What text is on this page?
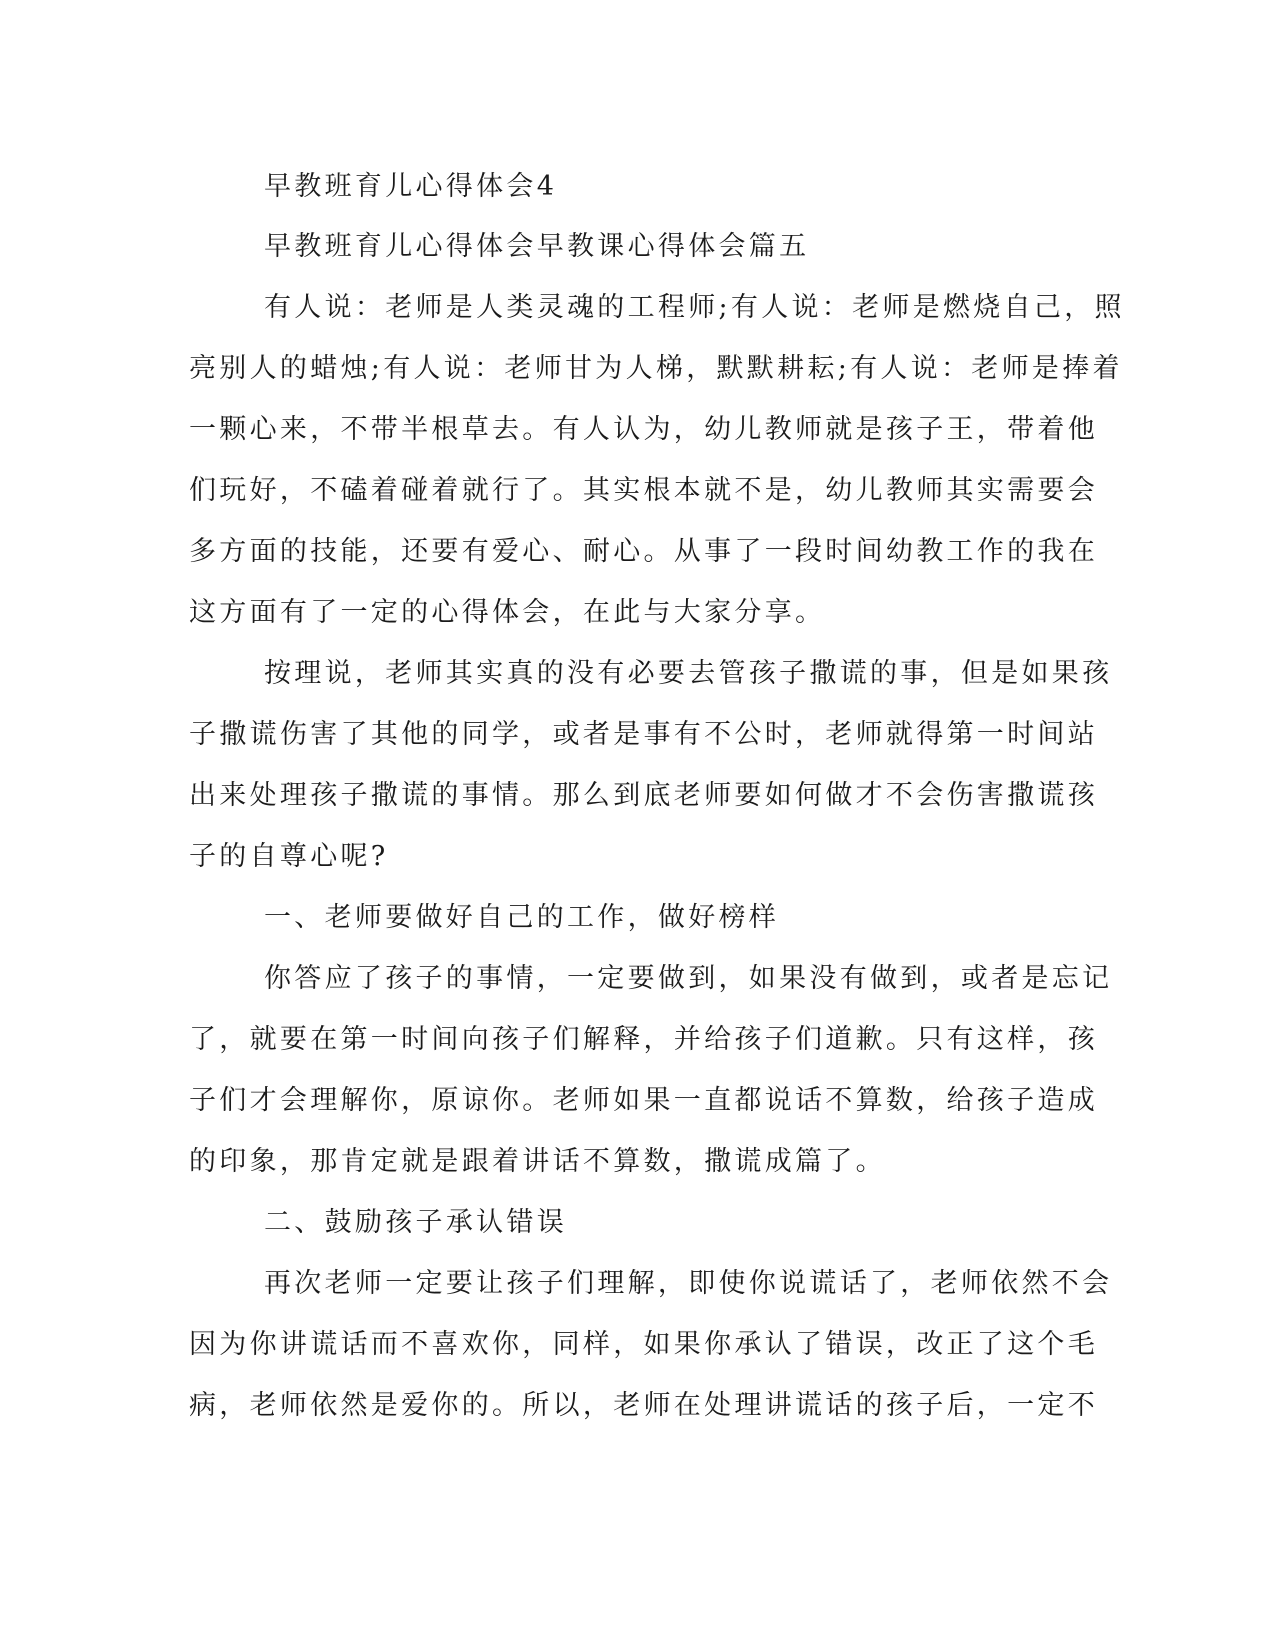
早教班育儿心得体会4

早教班育儿心得体会早教课心得体会篇五

有人说：老师是人类灵魂的工程师;有人说：老师是燃烧自己，照

亮别人的蜡烛;有人说：老师甘为人梯，默默耕耘;有人说：老师是捧着

一颗心来，不带半根草去。有人认为，幼儿教师就是孩子王，带着他

们玩好，不磕着碰着就行了。其实根本就不是，幼儿教师其实需要会

多方面的技能，还要有爱心、耐心。从事了一段时间幼教工作的我在

这方面有了一定的心得体会，在此与大家分享。

按理说，老师其实真的没有必要去管孩子撒谎的事，但是如果孩

子撒谎伤害了其他的同学，或者是事有不公时，老师就得第一时间站

出来处理孩子撒谎的事情。那么到底老师要如何做才不会伤害撒谎孩

子的自尊心呢?

一、老师要做好自己的工作，做好榜样

你答应了孩子的事情，一定要做到，如果没有做到，或者是忘记

了，就要在第一时间向孩子们解释，并给孩子们道歉。只有这样，孩

子们才会理解你，原谅你。老师如果一直都说话不算数，给孩子造成

的印象，那肯定就是跟着讲话不算数，撒谎成篇了。

二、鼓励孩子承认错误

再次老师一定要让孩子们理解，即使你说谎话了，老师依然不会

因为你讲谎话而不喜欢你，同样，如果你承认了错误，改正了这个毛

病，老师依然是爱你的。所以，老师在处理讲谎话的孩子后，一定不
